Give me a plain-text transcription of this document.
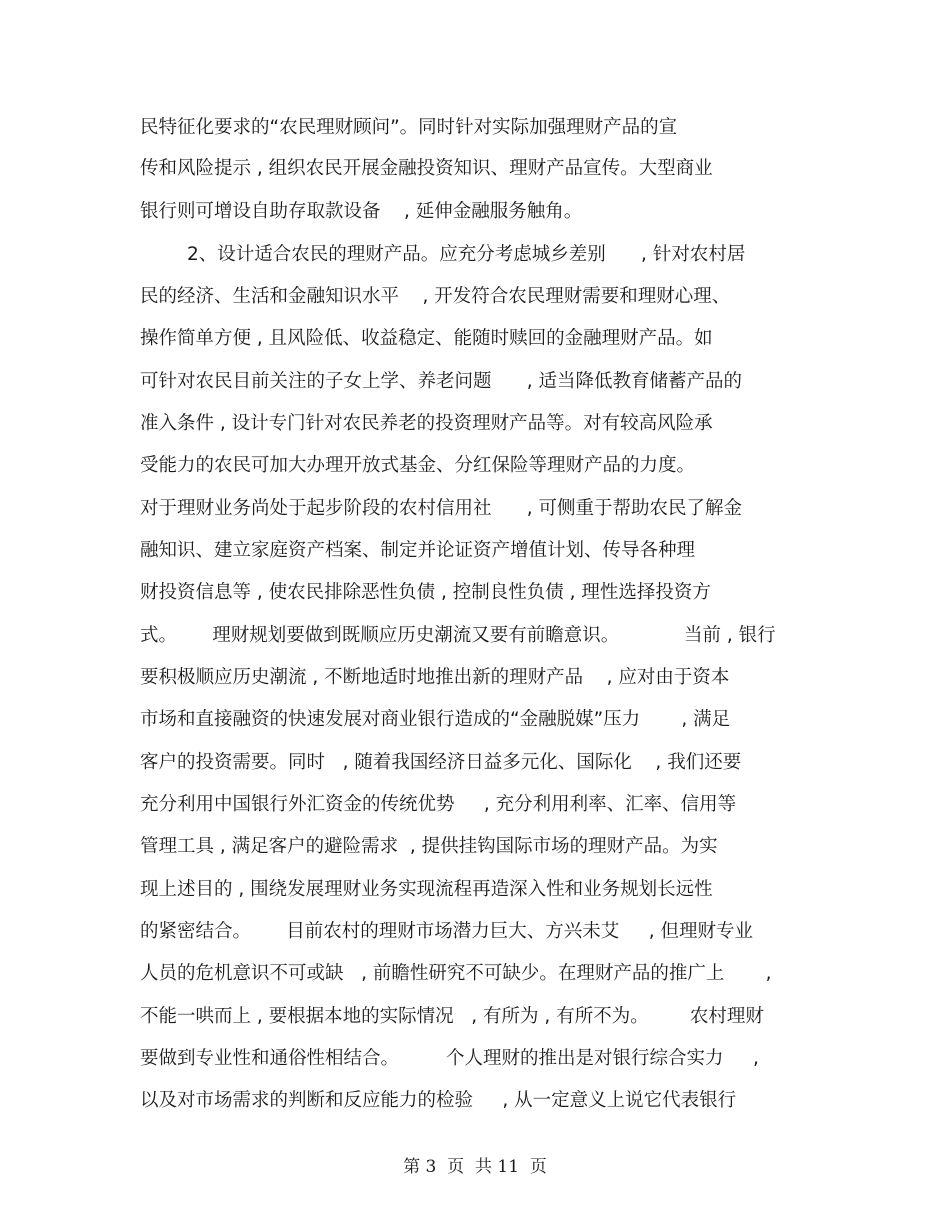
民特征化要求的“农民理财顾问”。同时针对实际加强理财产品的宣
传和风险提示 , 组织农民开展金融投资知识、理财产品宣传。大型商业
银行则可增设自助存取款设备    , 延伸金融服务触角。
2、设计适合农民的理财产品。应充分考虑城乡差别      , 针对农村居
民的经济、生活和金融知识水平    , 开发符合农民理财需要和理财心理、
操作简单方便 , 且风险低、收益稳定、能随时赎回的金融理财产品。如
可针对农民目前关注的子女上学、养老问题      , 适当降低教育储蓄产品的
准入条件 , 设计专门针对农民养老的投资理财产品等。对有较高风险承
受能力的农民可加大办理开放式基金、分红保险等理财产品的力度。
对于理财业务尚处于起步阶段的农村信用社      , 可侧重于帮助农民了解金
融知识、建立家庭资产档案、制定并论证资产增值计划、传导各种理
财投资信息等 , 使农民排除恶性负债 , 控制良性负债 , 理性选择投资方
式。      理财规划要做到既顺应历史潮流又要有前瞻意识。           当前 , 银行
要积极顺应历史潮流 , 不断地适时地推出新的理财产品    , 应对由于资本
市场和直接融资的快速发展对商业银行造成的“金融脱媒”压力       , 满足
客户的投资需要。同时   , 随着我国经济日益多元化、国际化    , 我们还要
充分利用中国银行外汇资金的传统优势     , 充分利用利率、汇率、信用等
管理工具 , 满足客户的避险需求  , 提供挂钩国际市场的理财产品。为实
现上述目的 , 围绕发展理财业务实现流程再造深入性和业务规划长远性
的紧密结合。      目前农村的理财市场潜力巨大、方兴未艾     , 但理财专业
人员的危机意识不可或缺   , 前瞻性研究不可缺少。在理财产品的推广上       ,
不能一哄而上 , 要根据本地的实际情况   , 有所为 , 有所不为。       农村理财
要做到专业性和通俗性相结合。        个人理财的推出是对银行综合实力     ,
以及对市场需求的判断和反应能力的检验     , 从一定意义上说它代表银行
第 3  页  共 11  页
